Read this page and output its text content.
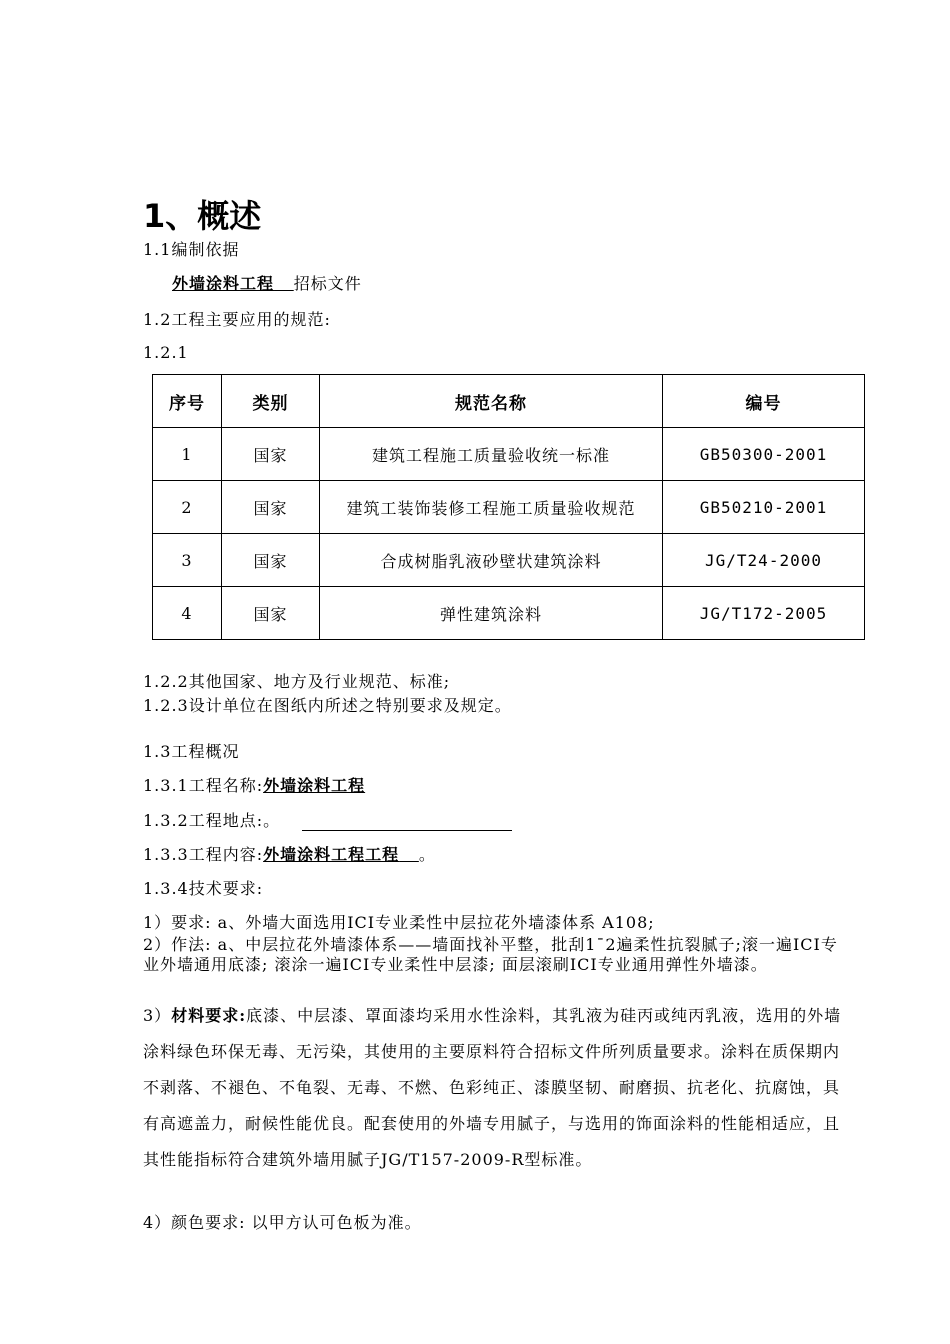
1、概述
1.1编制依据
外墙涂料工程 招标文件
1.2工程主要应用的规范:
1.2.1
序号	类别	规范名称	编号
1	国家	建筑工程施工质量验收统一标准	GB50300-2001
2	国家	建筑工装饰装修工程施工质量验收规范	GB50210-2001
3	国家	合成树脂乳液砂壁状建筑涂料	JG/T24-2000
4	国家	弹性建筑涂料	JG/T172-2005
1.2.2其他国家、地方及行业规范、标准;
1.2.3设计单位在图纸内所述之特别要求及规定。
1.3工程概况
1.3.1工程名称:外墙涂料工程
1.3.2工程地点:。
1.3.3工程内容:外墙涂料工程工程 。
1.3.4技术要求:
1）要求: a、外墙大面选用ICI专业柔性中层拉花外墙漆体系 A108;
2）作法: a、中层拉花外墙漆体系——墙面找补平整，批刮1¯2遍柔性抗裂腻子;滚一遍ICI专业外墙通用底漆; 滚涂一遍ICI专业柔性中层漆; 面层滚刷ICI专业通用弹性外墙漆。
3）材料要求:底漆、中层漆、罩面漆均采用水性涂料，其乳液为硅丙或纯丙乳液，选用的外墙涂料绿色环保无毒、无污染，其使用的主要原料符合招标文件所列质量要求。涂料在质保期内不剥落、不褪色、不龟裂、无毒、不燃、色彩纯正、漆膜坚韧、耐磨损、抗老化、抗腐蚀，具有高遮盖力，耐候性能优良。配套使用的外墙专用腻子，与选用的饰面涂料的性能相适应，且其性能指标符合建筑外墙用腻子JG/T157-2009-R型标准。
4）颜色要求: 以甲方认可色板为准。
